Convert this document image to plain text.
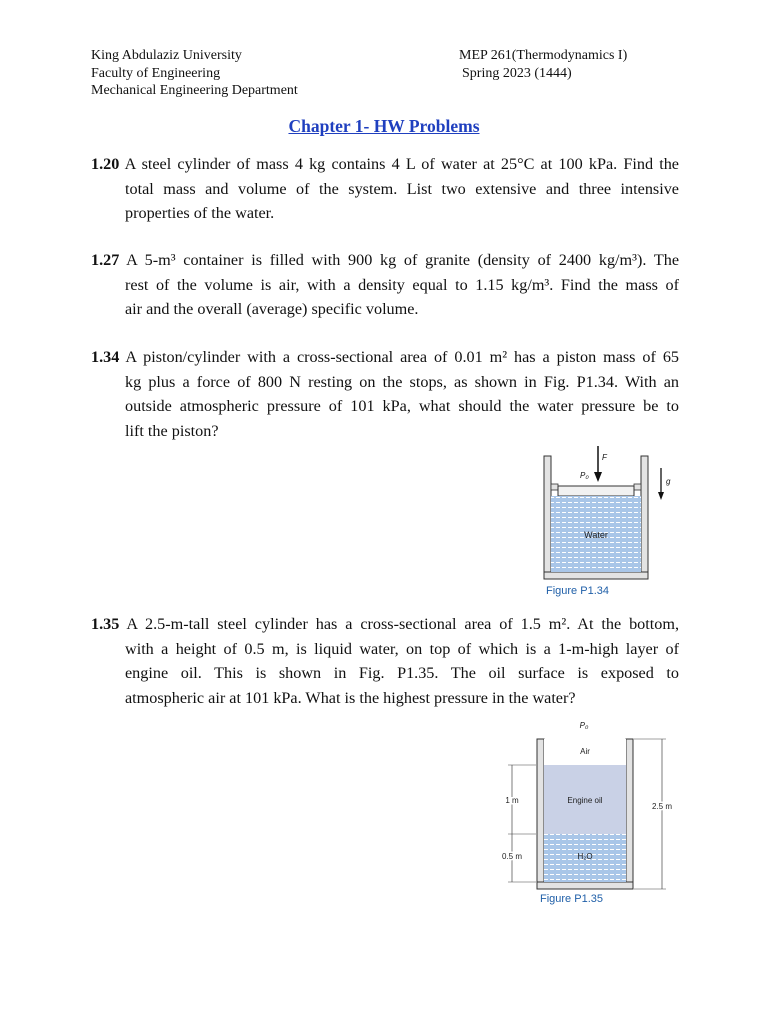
King Abdulaziz University
Faculty of Engineering
Mechanical Engineering Department
MEP 261(Thermodynamics I)
Spring 2023 (1444)
Chapter 1- HW Problems
1.20 A steel cylinder of mass 4 kg contains 4 L of water at 25°C at 100 kPa. Find the
total mass and volume of the system. List two extensive and three intensive
properties of the water.
1.27 A 5-m³ container is filled with 900 kg of granite (density of 2400 kg/m³). The
rest of the volume is air, with a density equal to 1.15 kg/m³. Find the mass of
air and the overall (average) specific volume.
1.34 A piston/cylinder with a cross-sectional area of 0.01 m² has a piston mass of 65
kg plus a force of 800 N resting on the stops, as shown in Fig. P1.34. With an
outside atmospheric pressure of 101 kPa, what should the water pressure be to
lift the piston?
Water
F
P₀
g
Figure P1.34
1.35 A 2.5-m-tall steel cylinder has a cross-sectional area of 1.5 m². At the bottom,
with a height of 0.5 m, is liquid water, on top of which is a 1-m-high layer of
engine oil. This is shown in Fig. P1.35. The oil surface is exposed to
atmospheric air at 101 kPa. What is the highest pressure in the water?
P₀
Air
Engine oil
H₂O
1 m
0.5 m
2.5 m
Figure P1.35
